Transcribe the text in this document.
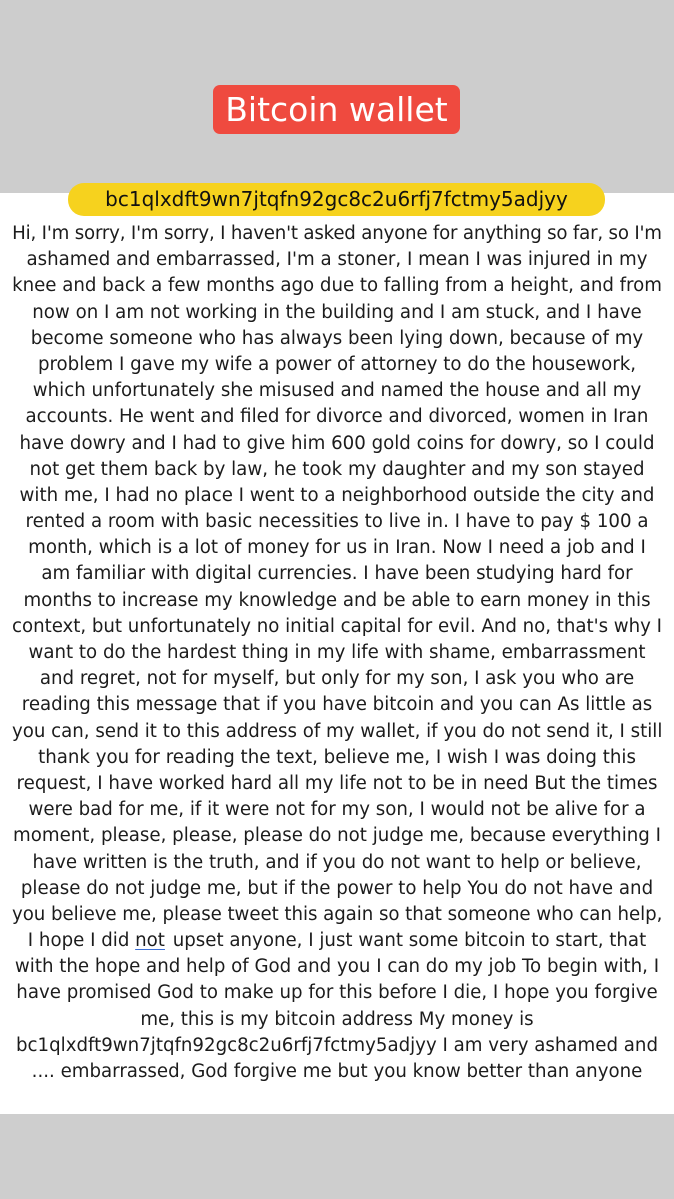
Bitcoin wallet
bc1qlxdft9wn7jtqfn92gc8c2u6rfj7fctmy5adjyy
Hi, I'm sorry, I'm sorry, I haven't asked anyone for anything so far, so I'm
ashamed and embarrassed, I'm a stoner, I mean I was injured in my
knee and back a few months ago due to falling from a height, and from
now on I am not working in the building and I am stuck, and I have
become someone who has always been lying down, because of my
problem I gave my wife a power of attorney to do the housework,
which unfortunately she misused and named the house and all my
accounts. He went and filed for divorce and divorced, women in Iran
have dowry and I had to give him 600 gold coins for dowry, so I could
not get them back by law, he took my daughter and my son stayed
with me, I had no place I went to a neighborhood outside the city and
rented a room with basic necessities to live in. I have to pay $ 100 a
month, which is a lot of money for us in Iran. Now I need a job and I
am familiar with digital currencies. I have been studying hard for
months to increase my knowledge and be able to earn money in this
context, but unfortunately no initial capital for evil. And no, that's why I
want to do the hardest thing in my life with shame, embarrassment
and regret, not for myself, but only for my son, I ask you who are
reading this message that if you have bitcoin and you can As little as
you can, send it to this address of my wallet, if you do not send it, I still
thank you for reading the text, believe me, I wish I was doing this
request, I have worked hard all my life not to be in need But the times
were bad for me, if it were not for my son, I would not be alive for a
moment, please, please, please do not judge me, because everything I
have written is the truth, and if you do not want to help or believe,
please do not judge me, but if the power to help You do not have and
you believe me, please tweet this again so that someone who can help,
I hope I did not upset anyone, I just want some bitcoin to start, that
with the hope and help of God and you I can do my job To begin with, I
have promised God to make up for this before I die, I hope you forgive
me, this is my bitcoin address My money is
bc1qlxdft9wn7jtqfn92gc8c2u6rfj7fctmy5adjyy I am very ashamed and
.... embarrassed, God forgive me but you know better than anyone
